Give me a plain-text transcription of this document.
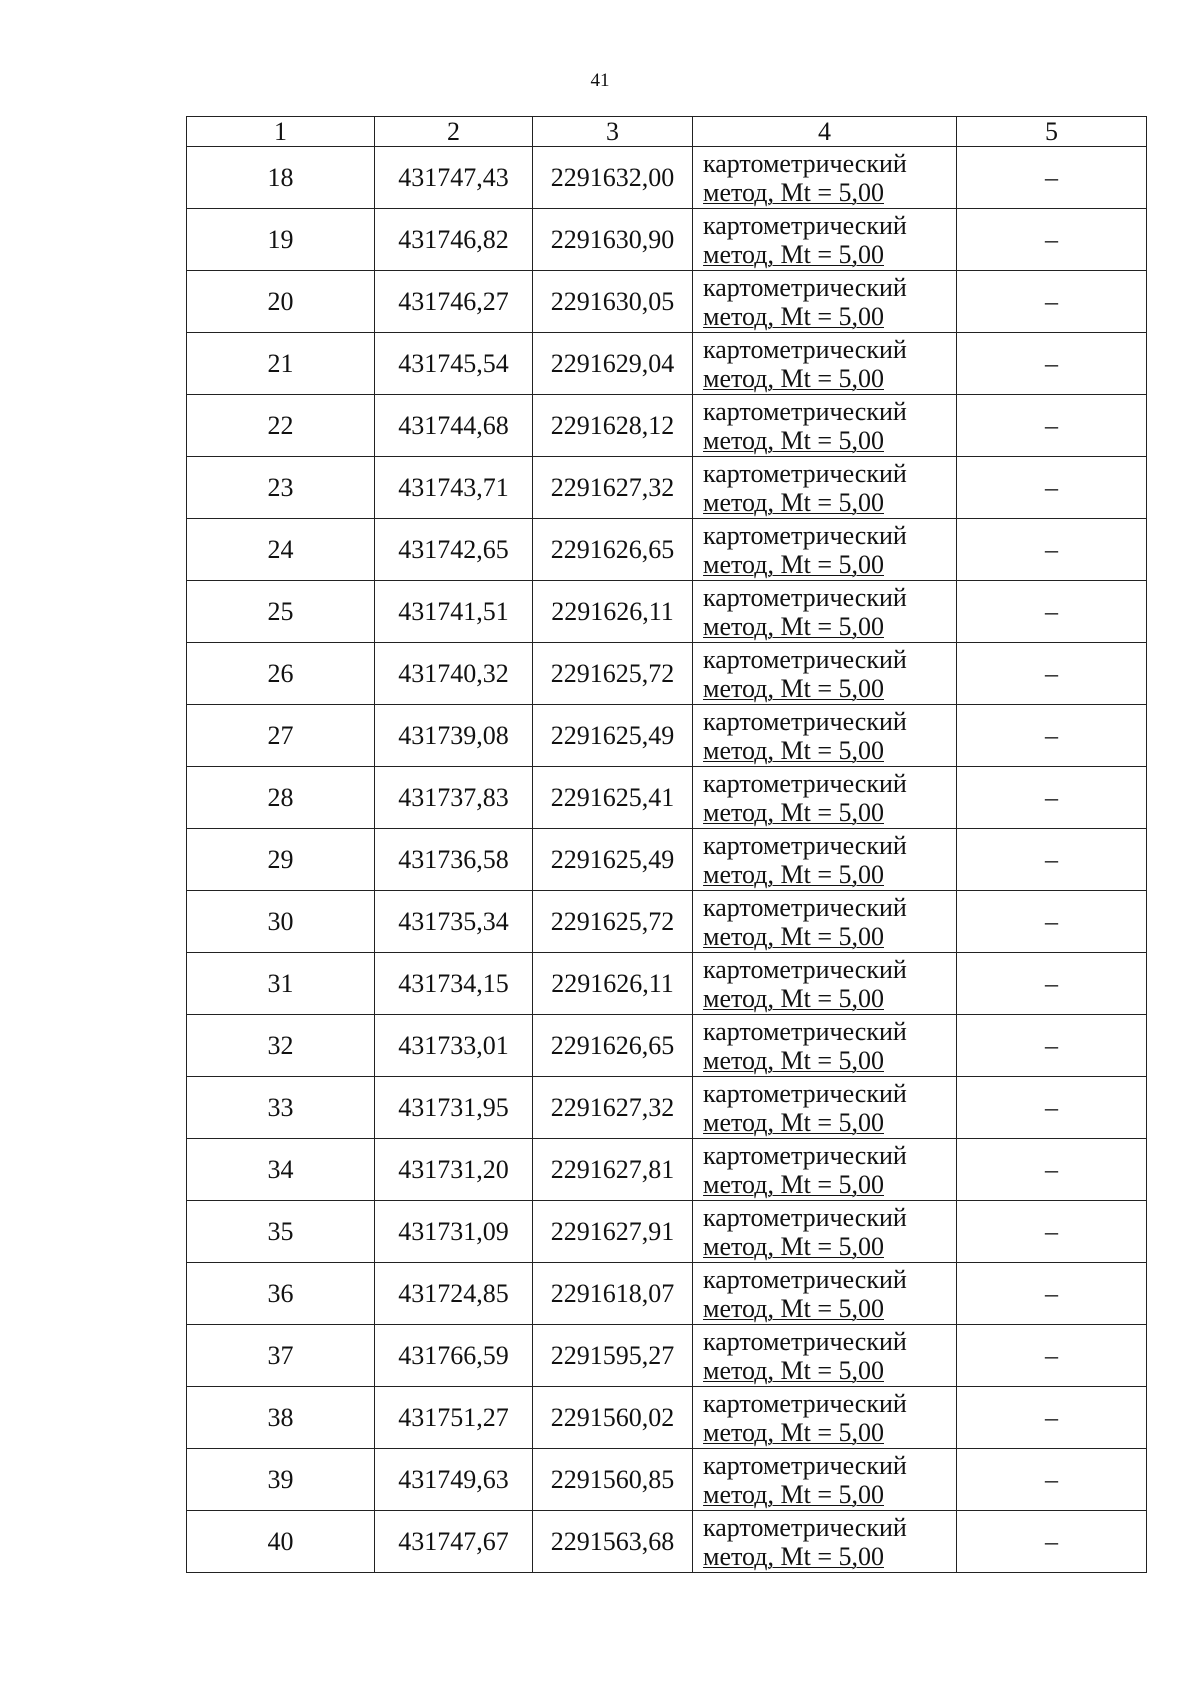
41
1	2	3	4	5
18	431747,43	2291632,00	картометрический
метод, Mt = 5,00	–
19	431746,82	2291630,90	картометрический
метод, Mt = 5,00	–
20	431746,27	2291630,05	картометрический
метод, Mt = 5,00	–
21	431745,54	2291629,04	картометрический
метод, Mt = 5,00	–
22	431744,68	2291628,12	картометрический
метод, Mt = 5,00	–
23	431743,71	2291627,32	картометрический
метод, Mt = 5,00	–
24	431742,65	2291626,65	картометрический
метод, Mt = 5,00	–
25	431741,51	2291626,11	картометрический
метод, Mt = 5,00	–
26	431740,32	2291625,72	картометрический
метод, Mt = 5,00	–
27	431739,08	2291625,49	картометрический
метод, Mt = 5,00	–
28	431737,83	2291625,41	картометрический
метод, Mt = 5,00	–
29	431736,58	2291625,49	картометрический
метод, Mt = 5,00	–
30	431735,34	2291625,72	картометрический
метод, Mt = 5,00	–
31	431734,15	2291626,11	картометрический
метод, Mt = 5,00	–
32	431733,01	2291626,65	картометрический
метод, Mt = 5,00	–
33	431731,95	2291627,32	картометрический
метод, Mt = 5,00	–
34	431731,20	2291627,81	картометрический
метод, Mt = 5,00	–
35	431731,09	2291627,91	картометрический
метод, Mt = 5,00	–
36	431724,85	2291618,07	картометрический
метод, Mt = 5,00	–
37	431766,59	2291595,27	картометрический
метод, Mt = 5,00	–
38	431751,27	2291560,02	картометрический
метод, Mt = 5,00	–
39	431749,63	2291560,85	картометрический
метод, Mt = 5,00	–
40	431747,67	2291563,68	картометрический
метод, Mt = 5,00	–
